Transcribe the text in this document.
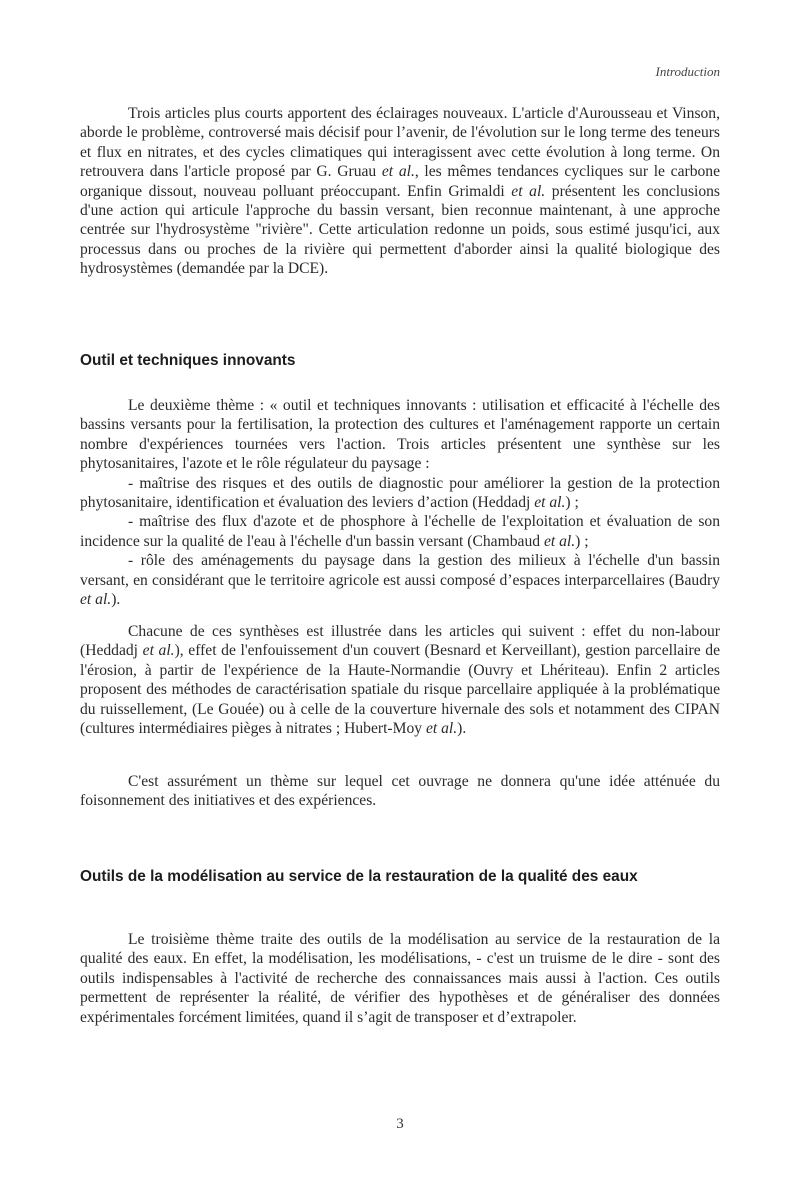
Introduction

Trois articles plus courts apportent des éclairages nouveaux. L'article d'Aurousseau et Vinson, aborde le problème, controversé mais décisif pour l’avenir, de l'évolution sur le long terme des teneurs et flux en nitrates, et des cycles climatiques qui interagissent avec cette évolution à long terme. On retrouvera dans l'article proposé par G. Gruau et al., les mêmes tendances cycliques sur le carbone organique dissout, nouveau polluant préoccupant. Enfin Grimaldi et al. présentent les conclusions d'une action qui articule l'approche du bassin versant, bien reconnue maintenant, à une approche centrée sur l'hydrosystème "rivière". Cette articulation redonne un poids, sous estimé jusqu'ici, aux processus dans ou proches de la rivière qui permettent d'aborder ainsi la qualité biologique des hydrosystèmes (demandée par la DCE).

Outil et techniques innovants

Le deuxième thème : « outil et techniques innovants : utilisation et efficacité à l'échelle des bassins versants pour la fertilisation, la protection des cultures et l'aménagement rapporte un certain nombre d'expériences tournées vers l'action. Trois articles présentent une synthèse sur les phytosanitaires, l'azote et le rôle régulateur du paysage :

- maîtrise des risques et des outils de diagnostic pour améliorer la gestion de la protection phytosanitaire, identification et évaluation des leviers d’action (Heddadj et al.) ;

- maîtrise des flux d'azote et de phosphore à l'échelle de l'exploitation et évaluation de son incidence sur la qualité de l'eau à l'échelle d'un bassin versant (Chambaud et al.) ;

- rôle des aménagements du paysage dans la gestion des milieux à l'échelle d'un bassin versant, en considérant que le territoire agricole est aussi composé d’espaces interparcellaires (Baudry et al.).

Chacune de ces synthèses est illustrée dans les articles qui suivent : effet du non-labour (Heddadj et al.), effet de l'enfouissement d'un couvert (Besnard et Kerveillant), gestion parcellaire de l'érosion, à partir de l'expérience de la Haute-Normandie (Ouvry et Lhériteau). Enfin 2 articles proposent des méthodes de caractérisation spatiale du risque parcellaire appliquée à la problématique du ruissellement, (Le Gouée) ou à celle de la couverture hivernale des sols et notamment des CIPAN (cultures intermédiaires pièges à nitrates ; Hubert-Moy et al.).

C'est assurément un thème sur lequel cet ouvrage ne donnera qu'une idée atténuée du foisonnement des initiatives et des expériences.

Outils de la modélisation au service de la restauration de la qualité des eaux

Le troisième thème traite des outils de la modélisation au service de la restauration de la qualité des eaux. En effet, la modélisation, les modélisations, - c'est un truisme de le dire - sont des outils indispensables à l'activité de recherche des connaissances mais aussi à l'action. Ces outils permettent de représenter la réalité, de vérifier des hypothèses et de généraliser des données expérimentales forcément limitées, quand il s’agit de transposer et d’extrapoler.

3
